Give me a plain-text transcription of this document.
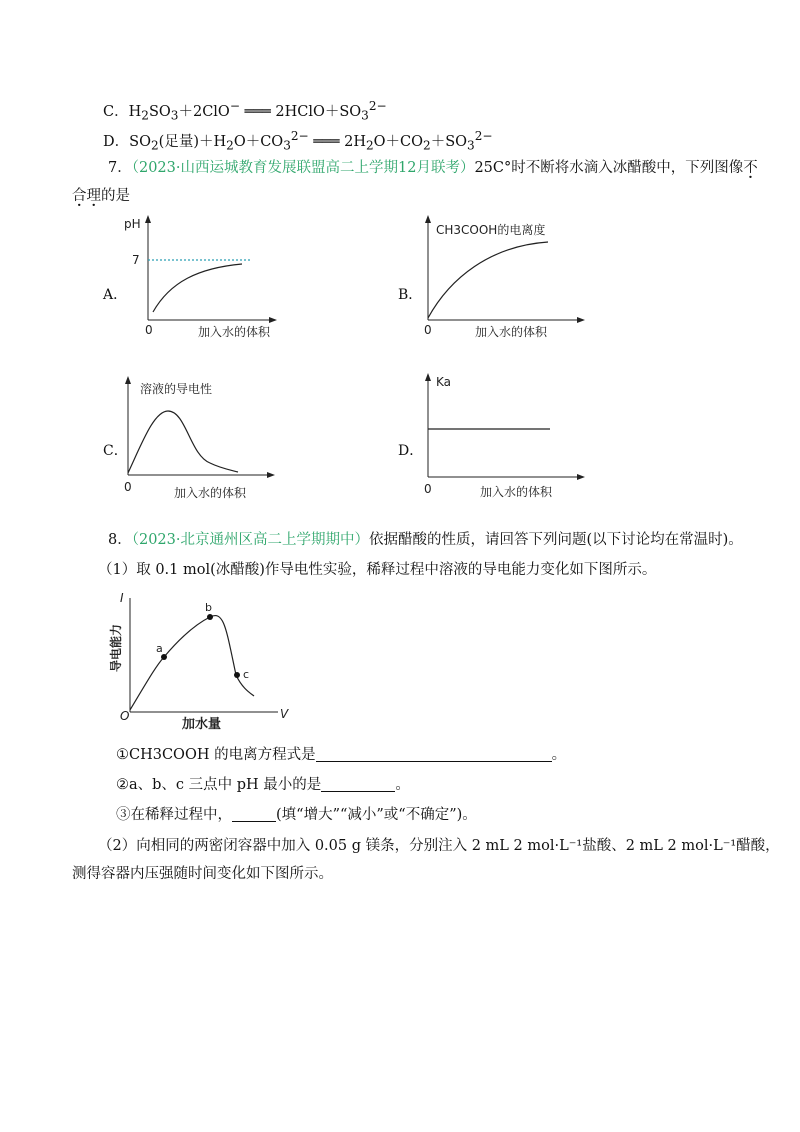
C．$H_2SO_3+2ClO^-$ ═══ $2HClO+SO_3^{2-}$
D．$SO_2$(足量)$+H_2O+CO_3^{2-}$ ═══ $2H_2O+CO_2+SO_3^{2-}$
7．（2023·山西运城教育发展联盟高二上学期12月联考）25C°时不断将水滴入冰醋酸中，下列图像不
合理的是
A．
pH
7
0	加入水的体积
B．
CH3COOH的电离度
0	加入水的体积
C．
溶液的导电性
0	加入水的体积
D．
Ka
0	加入水的体积
8．（2023·北京通州区高二上学期期中）依据醋酸的性质，请回答下列问题(以下讨论均在常温时)。
（1）取 0.1 mol(冰醋酸)作导电性实验，稀释过程中溶液的导电能力变化如下图所示。
I
导电能力
V
O
a
b
c
加水量
①CH3COOH 的电离方程式是	。
②a、b、c 三点中 pH 最小的是	。
③在稀释过程中，	(填“增大”“减小”或“不确定”)。
（2）向相同的两密闭容器中加入 0.05 g 镁条，分别注入 2 mL 2 mol·L⁻¹盐酸、2 mL 2 mol·L⁻¹醋酸，
测得容器内压强随时间变化如下图所示。
